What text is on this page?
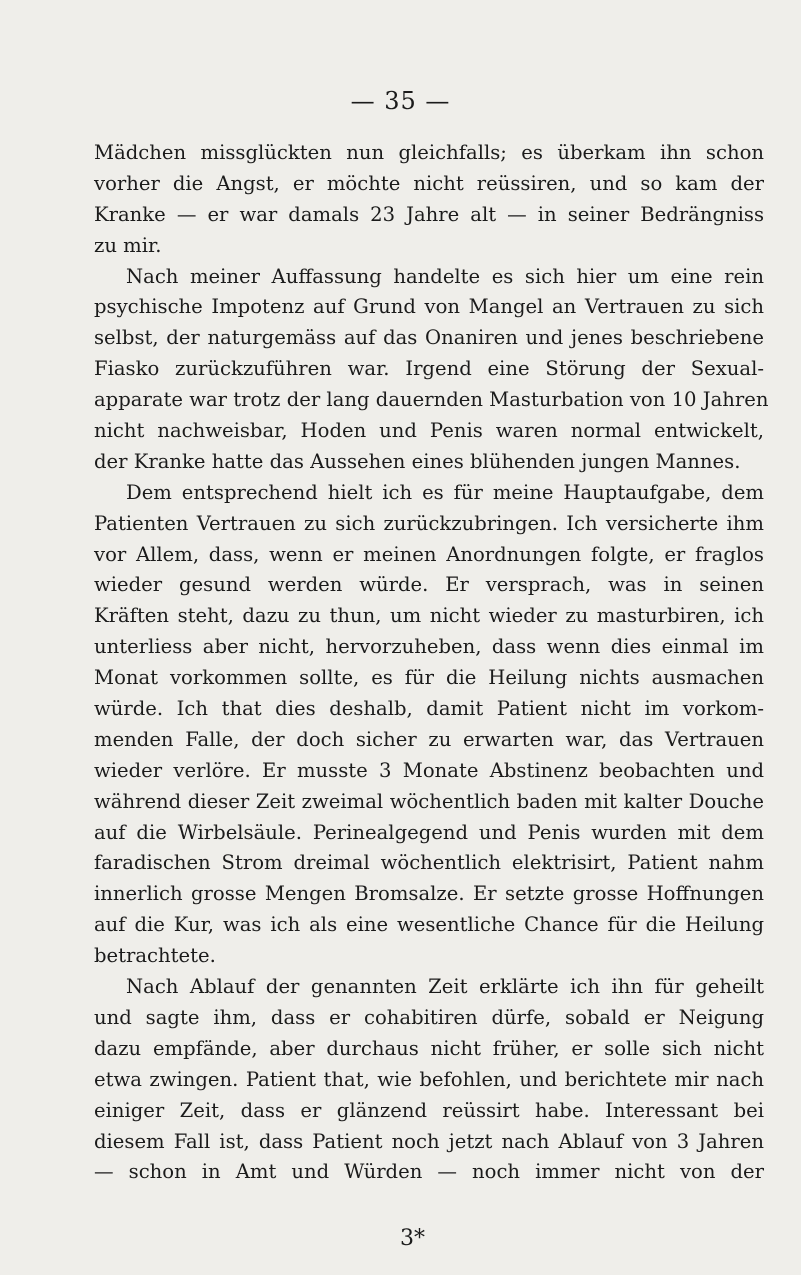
— 35 —
Mädchen missglückten nun gleichfalls; es überkam ihn schon
vorher die Angst, er möchte nicht reüssiren, und so kam der
Kranke — er war damals 23 Jahre alt — in seiner Bedrängniss
zu mir.
Nach meiner Auffassung handelte es sich hier um eine rein
psychische Impotenz auf Grund von Mangel an Vertrauen zu sich
selbst, der naturgemäss auf das Onaniren und jenes beschriebene
Fiasko zurückzuführen war. Irgend eine Störung der Sexual-
apparate war trotz der lang dauernden Masturbation von 10 Jahren
nicht nachweisbar, Hoden und Penis waren normal entwickelt,
der Kranke hatte das Aussehen eines blühenden jungen Mannes.
Dem entsprechend hielt ich es für meine Hauptaufgabe, dem
Patienten Vertrauen zu sich zurückzubringen. Ich versicherte ihm
vor Allem, dass, wenn er meinen Anordnungen folgte, er fraglos
wieder gesund werden würde. Er versprach, was in seinen
Kräften steht, dazu zu thun, um nicht wieder zu masturbiren, ich
unterliess aber nicht, hervorzuheben, dass wenn dies einmal im
Monat vorkommen sollte, es für die Heilung nichts ausmachen
würde. Ich that dies deshalb, damit Patient nicht im vorkom-
menden Falle, der doch sicher zu erwarten war, das Vertrauen
wieder verlöre. Er musste 3 Monate Abstinenz beobachten und
während dieser Zeit zweimal wöchentlich baden mit kalter Douche
auf die Wirbelsäule. Perinealgegend und Penis wurden mit dem
faradischen Strom dreimal wöchentlich elektrisirt, Patient nahm
innerlich grosse Mengen Bromsalze. Er setzte grosse Hoffnungen
auf die Kur, was ich als eine wesentliche Chance für die Heilung
betrachtete.
Nach Ablauf der genannten Zeit erklärte ich ihn für geheilt
und sagte ihm, dass er cohabitiren dürfe, sobald er Neigung
dazu empfände, aber durchaus nicht früher, er solle sich nicht
etwa zwingen. Patient that, wie befohlen, und berichtete mir nach
einiger Zeit, dass er glänzend reüssirt habe. Interessant bei
diesem Fall ist, dass Patient noch jetzt nach Ablauf von 3 Jahren
— schon in Amt und Würden — noch immer nicht von der
3*
